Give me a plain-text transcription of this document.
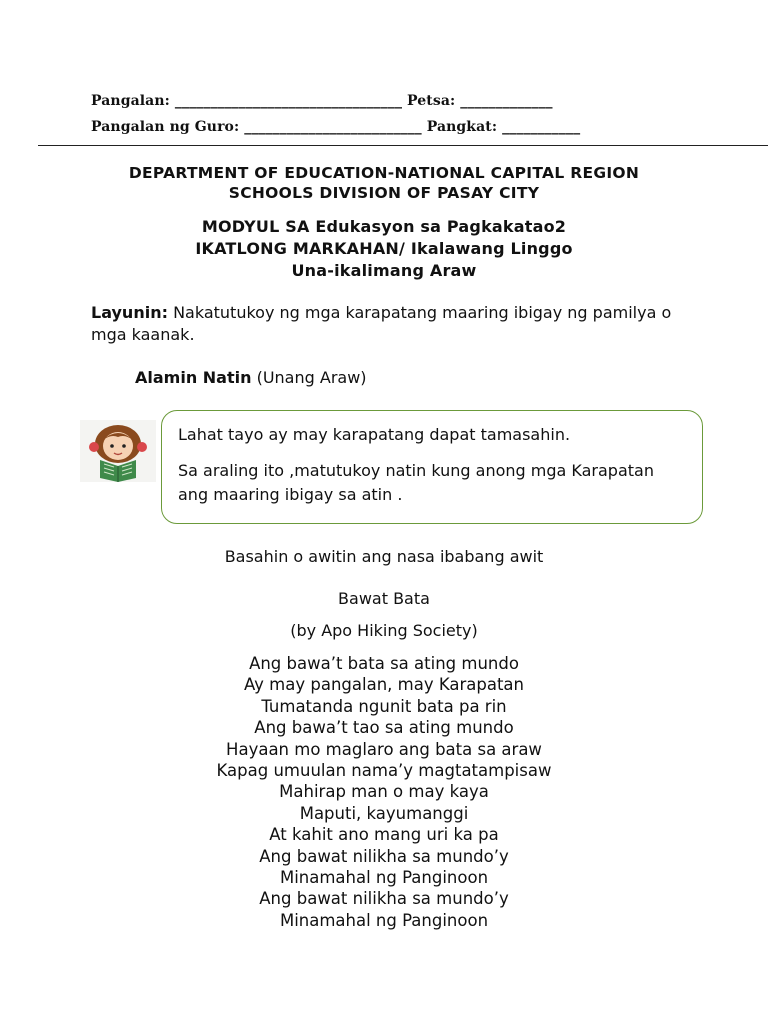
Pangalan: ________________________________ Petsa: _____________
Pangalan ng Guro: _________________________ Pangkat: ___________
DEPARTMENT OF EDUCATION-NATIONAL CAPITAL REGION
SCHOOLS DIVISION OF PASAY CITY
MODYUL SA Edukasyon sa Pagkakatao2
IKATLONG MARKAHAN/ Ikalawang Linggo
Una-ikalimang Araw
Layunin: Nakatutukoy ng mga karapatang maaring ibigay ng pamilya o mga kaanak.
Alamin Natin (Unang Araw)

Lahat tayo ay may karapatang dapat tamasahin.

Sa araling ito ,matutukoy natin kung anong mga Karapatan ang maaring ibigay sa atin .

Basahin o awitin ang nasa ibabang awit
Bawat Bata
(by Apo Hiking Society)
Ang bawa’t bata sa ating mundo
Ay may pangalan, may Karapatan
Tumatanda ngunit bata pa rin
Ang bawa’t tao sa ating mundo
Hayaan mo maglaro ang bata sa araw
Kapag umuulan nama’y magtatampisaw
Mahirap man o may kaya
Maputi, kayumanggi
At kahit ano mang uri ka pa
Ang bawat nilikha sa mundo’y
Minamahal ng Panginoon
Ang bawat nilikha sa mundo’y
Minamahal ng Panginoon
